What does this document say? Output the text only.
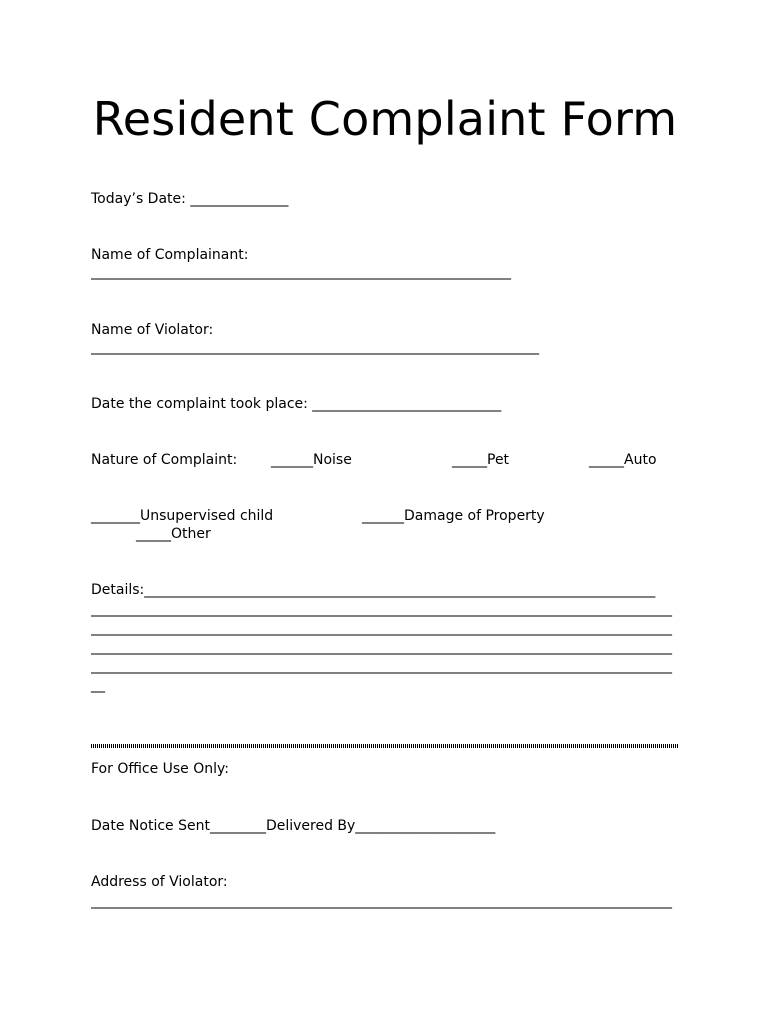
Resident Complaint Form

Today’s Date: ______________

Name of Complainant:

____________________________________________________________

Name of Violator:

________________________________________________________________

Date the complaint took place: ___________________________

Nature of Complaint: ______Noise	_____Pet	_____Auto

_______Unsupervised child	______Damage of Property

_____Other

Details:_________________________________________________________________________

___________________________________________________________________________________

___________________________________________________________________________________

___________________________________________________________________________________

___________________________________________________________________________________

__

For Office Use Only:

Date Notice Sent________Delivered By____________________

Address of Violator:

___________________________________________________________________________________
